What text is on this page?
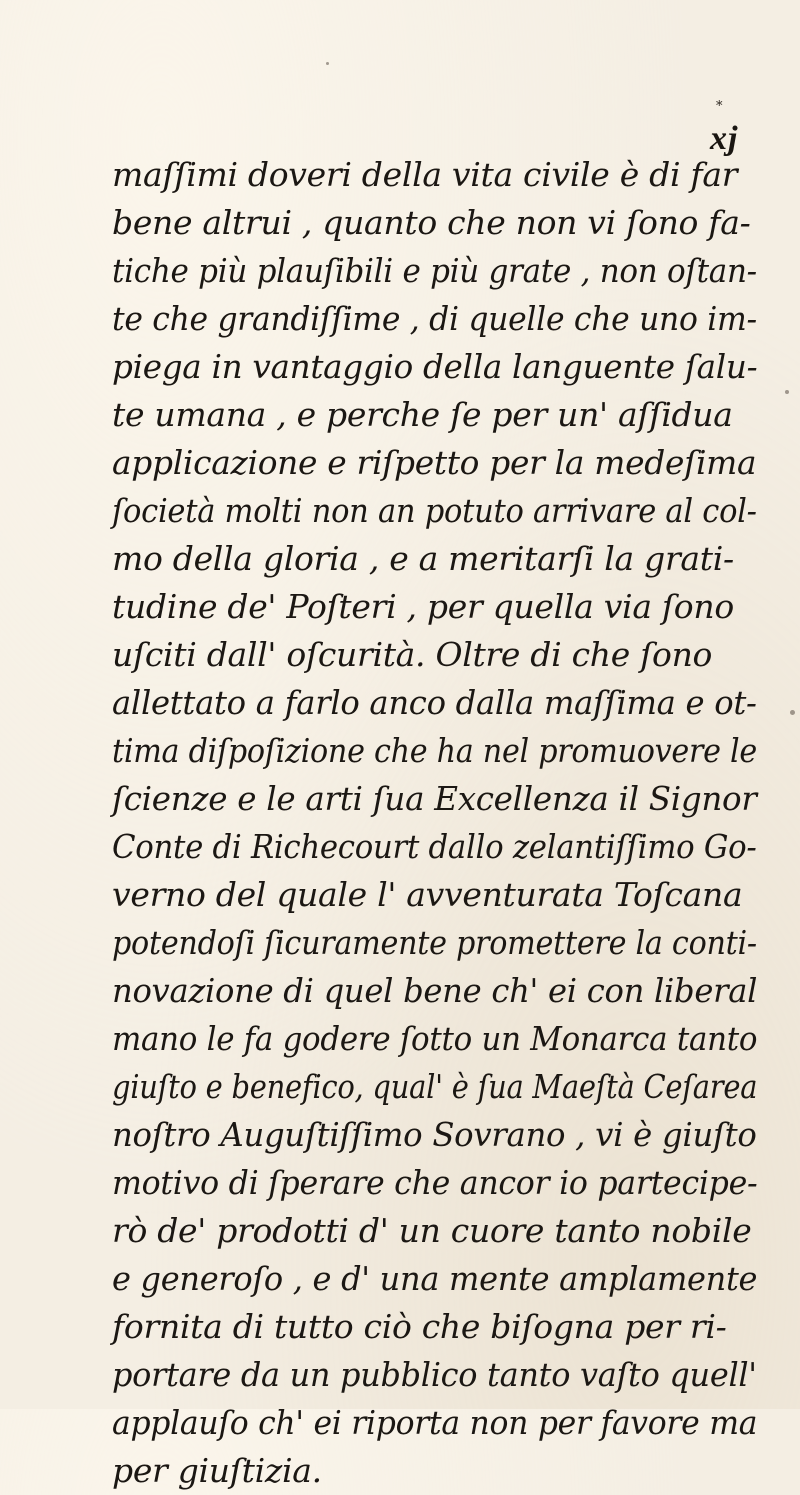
*
xj
maſſimi doveri della vita civile è di far
bene altrui , quanto che non vi ſono fa-
tiche più plauſibili e più grate , non oſtan-
te che grandiſſime , di quelle che uno im-
piega in vantaggio della languente ſalu-
te umana , e perche ſe per un' aſſidua
applicazione e riſpetto per la medeſima
ſocietà molti non an potuto arrivare al col-
mo della gloria , e a meritarſi la grati-
tudine de' Poſteri , per quella via ſono
uſciti dall' oſcurità. Oltre di che ſono
allettato a farlo anco dalla maſſima e ot-
tima diſpoſizione che ha nel promuovere le
ſcienze e le arti ſua Excellenza il Signor
Conte di Richecourt dallo zelantiſſimo Go-
verno del quale l' avventurata Toſcana
potendoſi ſicuramente promettere la conti-
novazione di quel bene ch' ei con liberal
mano le fa godere ſotto un Monarca tanto
giuſto e benefico, qual' è ſua Maeſtà Ceſarea
noſtro Auguſtiſſimo Sovrano , vi è giuſto
motivo di ſperare che ancor io partecipe-
rò de' prodotti d' un cuore tanto nobile
e generoſo , e d' una mente amplamente
fornita di tutto ciò che biſogna per ri-
portare da un pubblico tanto vaſto quell'
applauſo ch' ei riporta non per favore ma
per giuſtizia.
